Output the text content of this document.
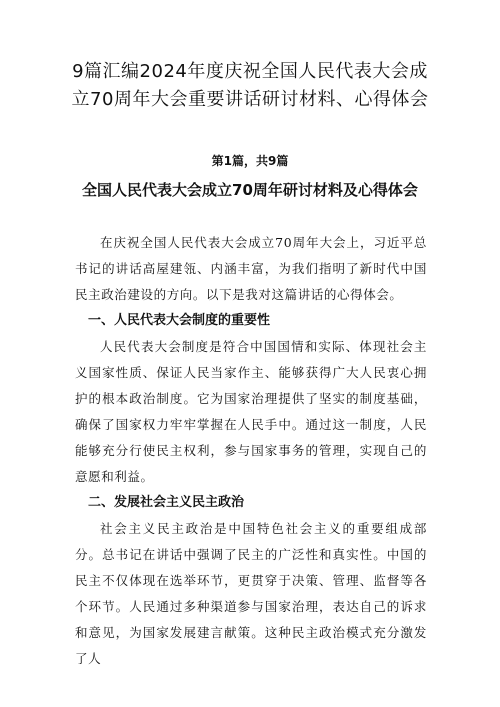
9篇汇编2024年度庆祝全国人民代表大会成立70周年大会重要讲话研讨材料、心得体会
第1篇，共9篇
全国人民代表大会成立70周年研讨材料及心得体会

在庆祝全国人民代表大会成立70周年大会上，习近平总书记的讲话高屋建瓴、内涵丰富，为我们指明了新时代中国民主政治建设的方向。以下是我对这篇讲话的心得体会。

一、人民代表大会制度的重要性

人民代表大会制度是符合中国国情和实际、体现社会主义国家性质、保证人民当家作主、能够获得广大人民衷心拥护的根本政治制度。它为国家治理提供了坚实的制度基础，确保了国家权力牢牢掌握在人民手中。通过这一制度，人民能够充分行使民主权利，参与国家事务的管理，实现自己的意愿和利益。

二、发展社会主义民主政治

社会主义民主政治是中国特色社会主义的重要组成部分。总书记在讲话中强调了民主的广泛性和真实性。中国的民主不仅体现在选举环节，更贯穿于决策、管理、监督等各个环节。人民通过多种渠道参与国家治理，表达自己的诉求和意见，为国家发展建言献策。这种民主政治模式充分激发了人
